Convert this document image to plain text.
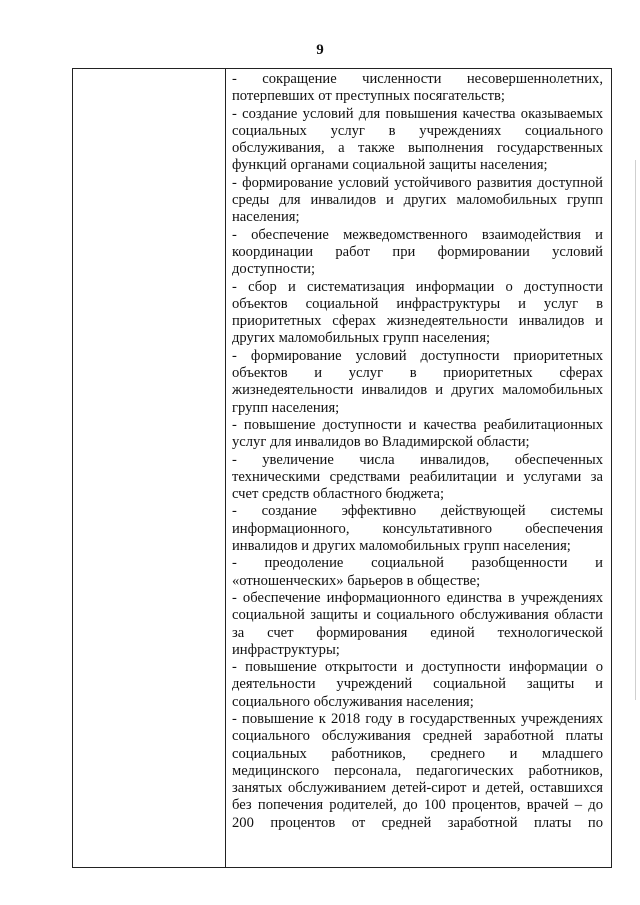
9

- сокращение численности несовершеннолетних, потерпевших от преступных посягательств;

- создание условий для повышения качества оказываемых социальных услуг в учреждениях социального обслуживания, а также выполнения государственных функций органами социальной защиты населения;

- формирование условий устойчивого развития доступной среды для инвалидов и других маломобильных групп населения;

- обеспечение межведомственного взаимодействия и координации работ при формировании условий доступности;

- сбор и систематизация информации о доступности объектов социальной инфраструктуры и услуг в приоритетных сферах жизнедеятельности инвалидов и других маломобильных групп населения;

- формирование условий доступности приоритетных объектов и услуг в приоритетных сферах жизнедеятельности инвалидов и других маломобильных групп населения;

- повышение доступности и качества реабилитационных услуг для инвалидов во Владимирской области;

- увеличение числа инвалидов, обеспеченных техническими средствами реабилитации и услугами за счет средств областного бюджета;

- создание эффективно действующей системы информационного, консультативного обеспечения инвалидов и других маломобильных групп населения;

- преодоление социальной разобщенности и «отношенческих» барьеров в обществе;

- обеспечение информационного единства в учреждениях социальной защиты и социального обслуживания области за счет формирования единой технологической инфраструктуры;

- повышение открытости и доступности информации о деятельности учреждений социальной защиты и социального обслуживания населения;

- повышение к 2018 году в государственных учреждениях социального обслуживания средней заработной платы социальных работников, среднего и младшего медицинского персонала, педагогических работников, занятых обслуживанием детей-сирот и детей, оставшихся без попечения родителей, до 100 процентов, врачей – до 200 процентов от средней заработной платы по
